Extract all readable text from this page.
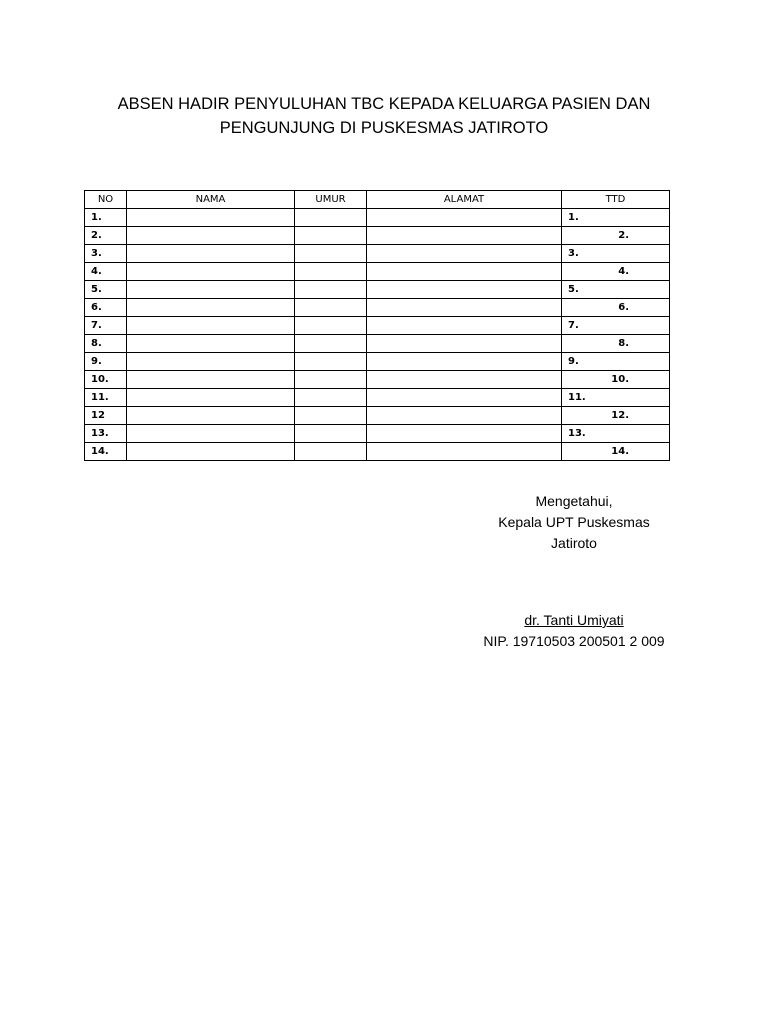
ABSEN HADIR PENYULUHAN TBC KEPADA KELUARGA PASIEN DAN
PENGUNJUNG DI PUSKESMAS JATIROTO
NO	NAMA	UMUR	ALAMAT	TTD
1.				1.
2.				2.
3.				3.
4.				4.
5.				5.
6.				6.
7.				7.
8.				8.
9.				9.
10.				10.
11.				11.
12				12.
13.				13.
14.				14.
Mengetahui,
Kepala UPT Puskesmas
Jatiroto
dr. Tanti Umiyati
NIP. 19710503 200501 2 009
